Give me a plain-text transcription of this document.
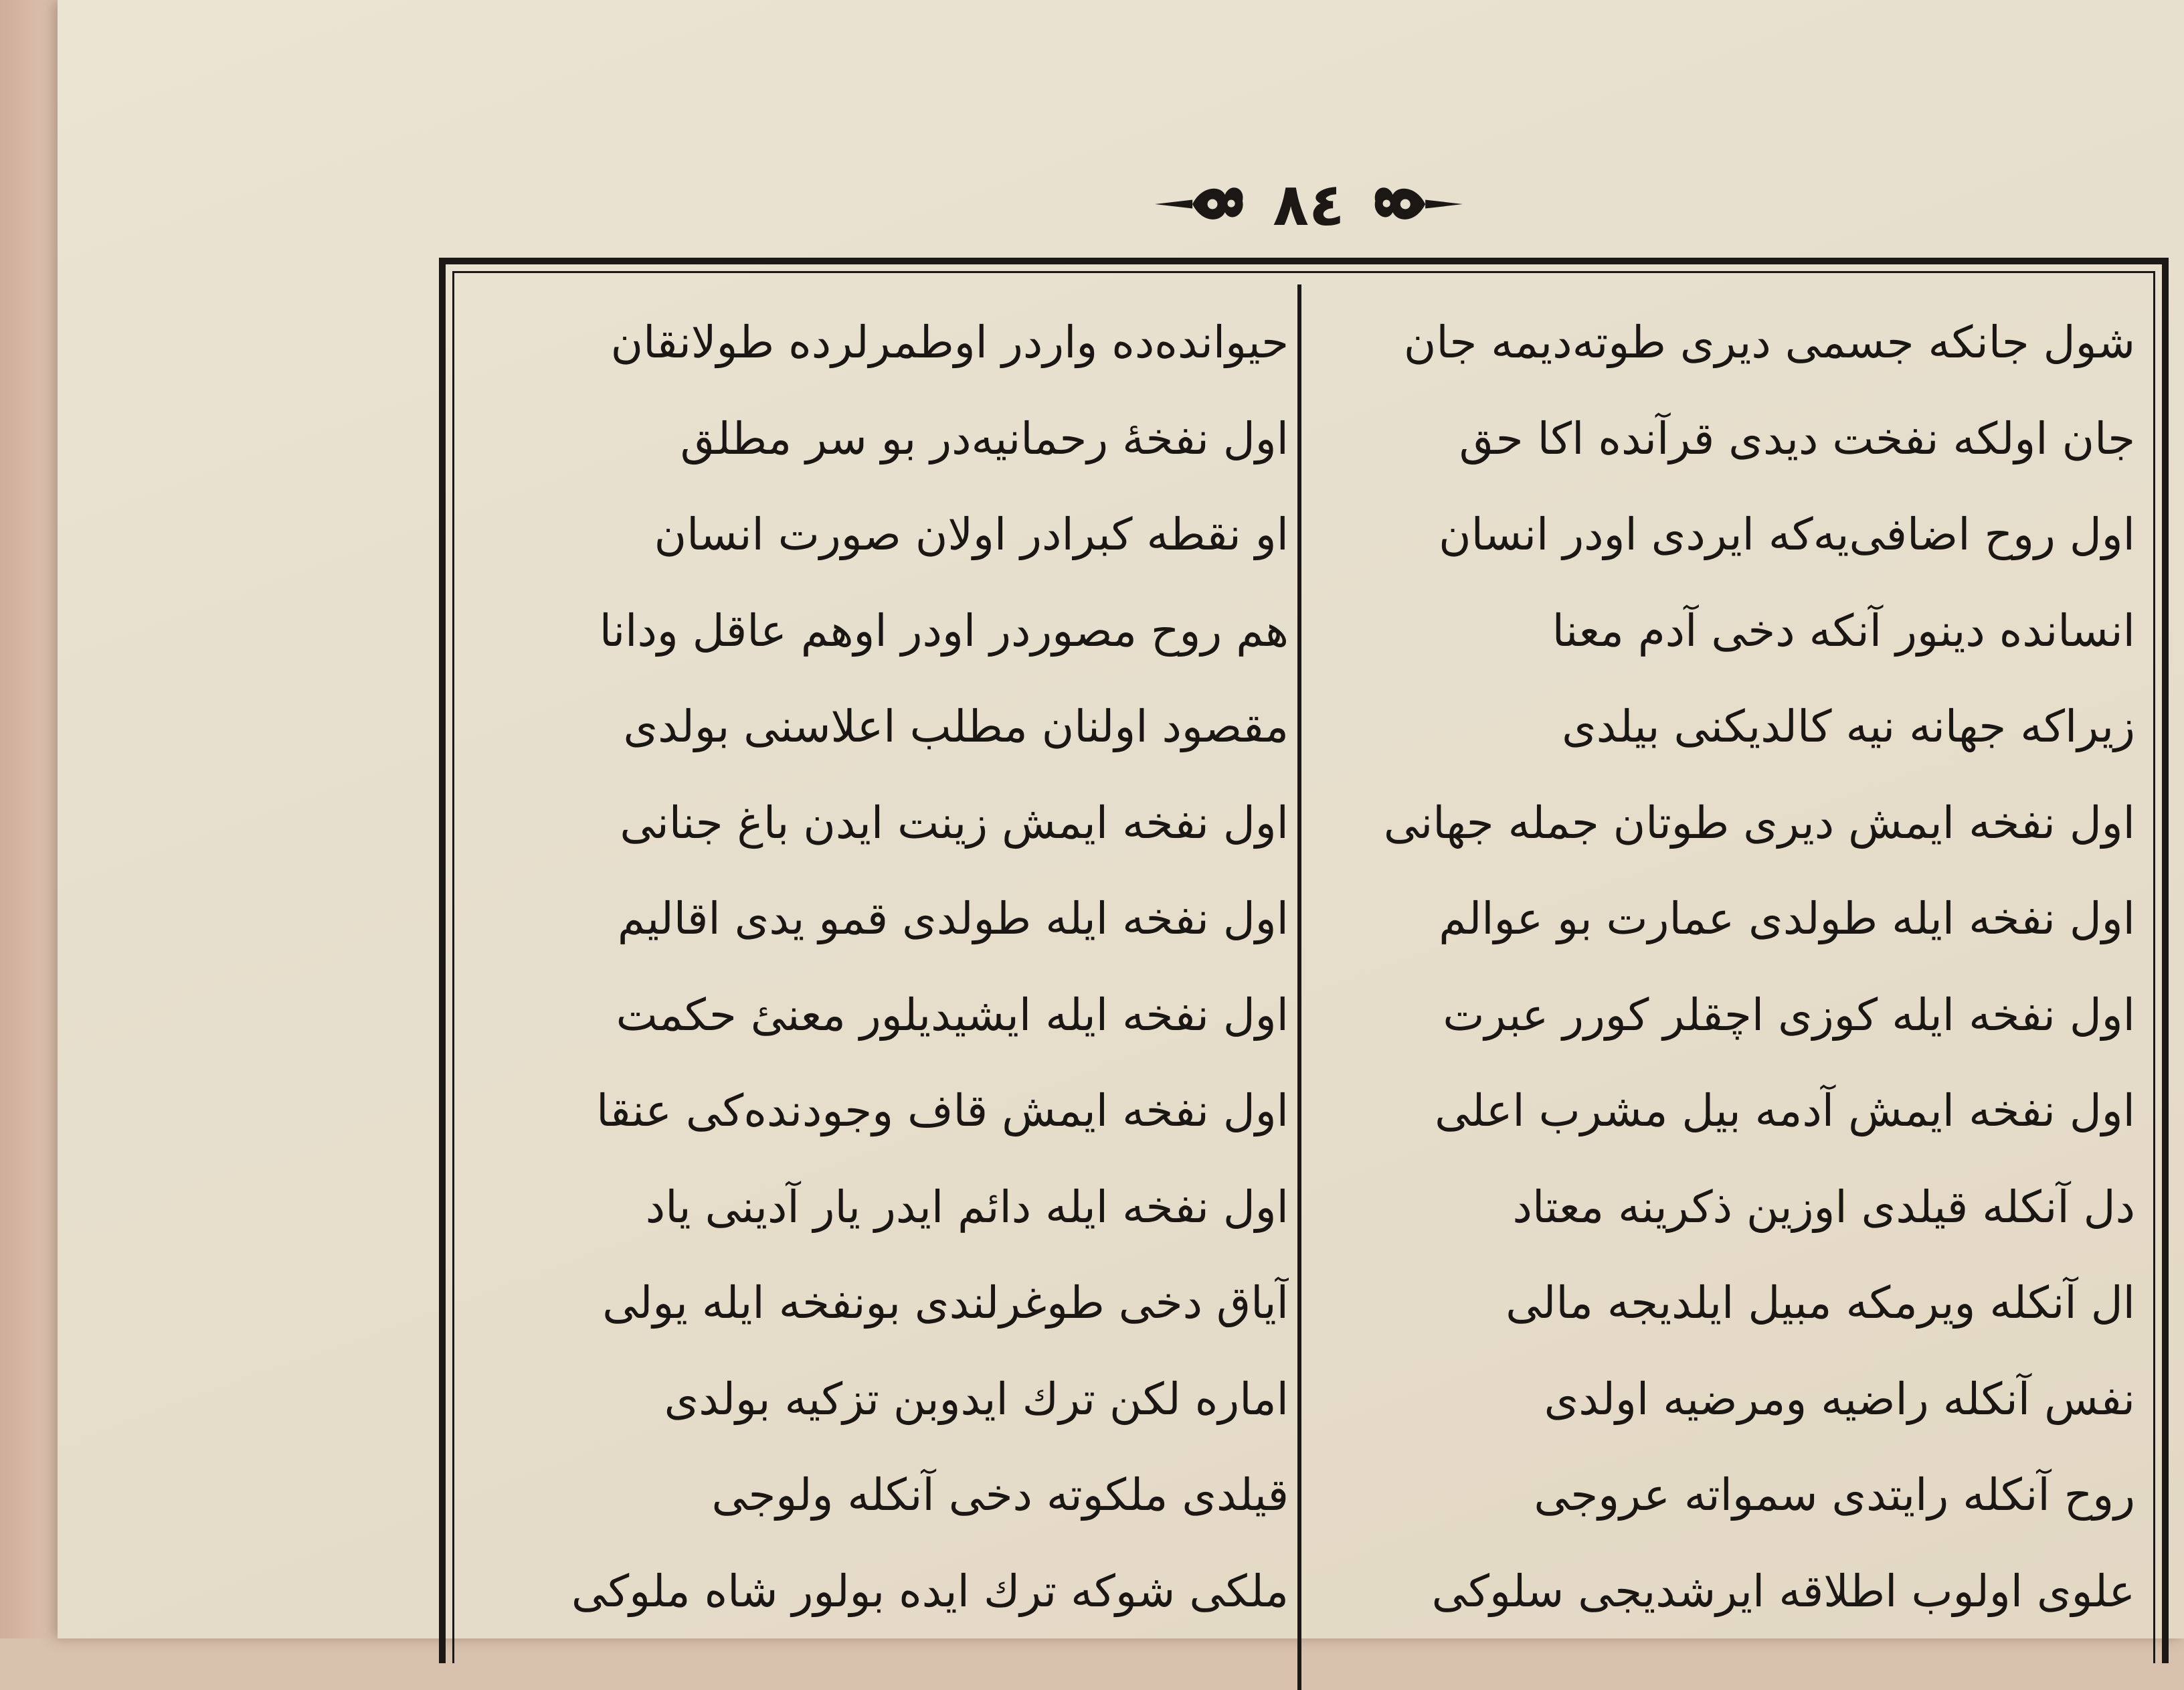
٨٤
شول جانکه جسمی دیری طوته‌دیمه جان
جان اولکه نفخت دیدی قرآنده اکا حق
اول روح اضافی‌یه‌که ایردی اودر انسان
انسانده دینور آنکه دخی آدم معنا
زیراکه جهانه نیه کالدیکنی بیلدی
اول نفخه ایمش دیری طوتان جمله جهانی
اول نفخه ایله طولدی عمارت بو عوالم
اول نفخه ایله کوزی اچقلر کورر عبرت
اول نفخه ایمش آدمه بیل مشرب اعلی
دل آنکله قیلدی اوزین ذکرینه معتاد
ال آنکله ویرمکه مبیل ایلدیجه مالی
نفس آنکله راضیه ومرضیه اولدی
روح آنکله رایتدی سمواته عروجی
علوی اولوب اطلاقه ایرشدیجی سلوکی
حیوانده‌ده واردر اوطمرلرده طولانقان
اول نفخهٔ رحمانیه‌در بو سر مطلق
او نقطه کبرادر اولان صورت انسان
هم روح مصوردر اودر اوهم عاقل ودانا
مقصود اولنان مطلب اعلاسنی بولدی
اول نفخه ایمش زینت ایدن باغ جنانی
اول نفخه ایله طولدی قمو یدی اقالیم
اول نفخه ایله ایشیدیلور معنیٔ حکمت
اول نفخه ایمش قاف وجودنده‌کی عنقا
اول نفخه ایله دائم ایدر یار آدینی یاد
آیاق دخی طوغرلندی بونفخه ایله یولی
اماره لکن ترك ایدوبن تزکیه بولدی
قیلدی ملکوته دخی آنکله ولوجی
ملکی شوکه ترك ایده بولور شاه ملوکی
